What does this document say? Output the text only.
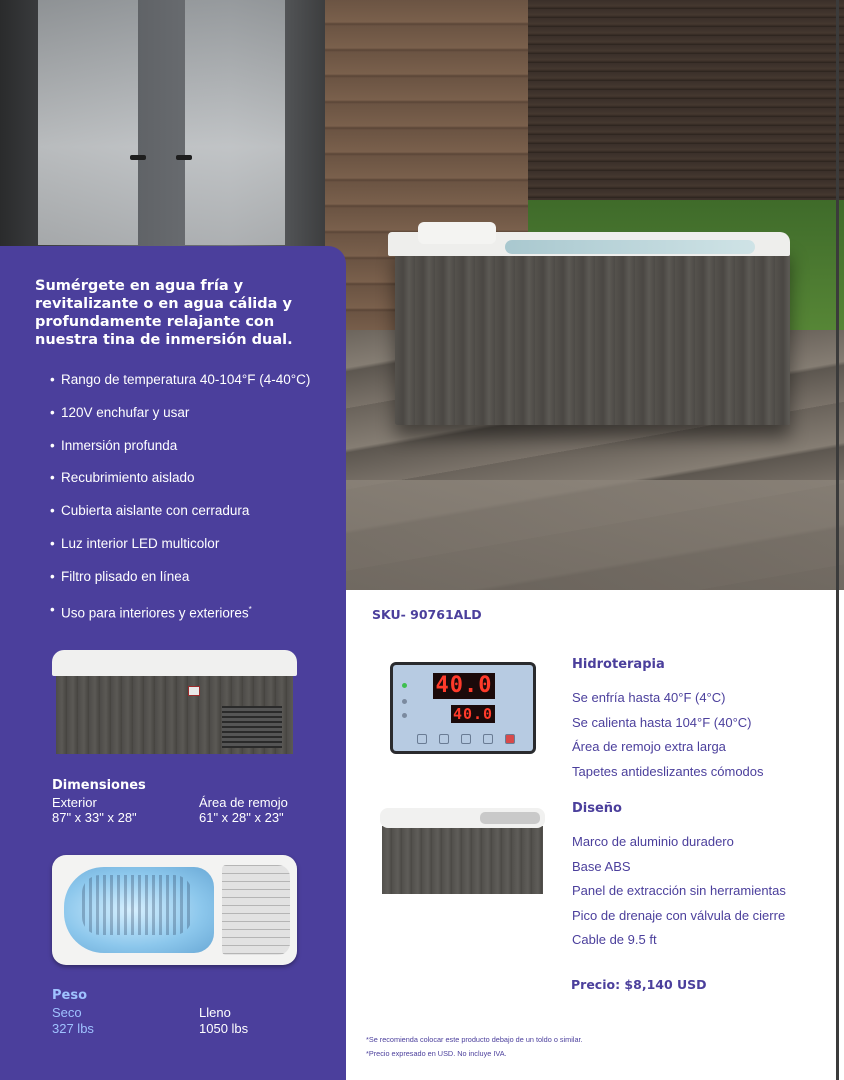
Sumérgete en agua fría y revitalizante o en agua cálida y profundamente relajante con nuestra tina de inmersión dual.

• Rango de temperatura 40-104°F (4-40°C)
• 120V enchufar y usar
• Inmersión profunda
• Recubrimiento aislado
• Cubierta aislante con cerradura
• Luz interior LED multicolor
• Filtro plisado en línea
• Uso para interiores y exteriores*
Dimensiones
Exterior
87" x 33" x 28"
Área de remojo
61" x 28" x 23"
Peso
Seco
327 lbs
Lleno
1050 lbs
SKU- 90761ALD
40.0
40.0
Hidroterapia
Se enfría hasta 40°F (4°C)
Se calienta hasta 104°F (40°C)
Área de remojo extra larga
Tapetes antideslizantes cómodos
Diseño
Marco de aluminio duradero
Base ABS
Panel de extracción sin herramientas
Pico de drenaje con válvula de cierre
Cable de 9.5 ft
Precio: $8,140 USD
*Se recomienda colocar este producto debajo de un toldo o similar.
*Precio expresado en USD. No incluye IVA.
